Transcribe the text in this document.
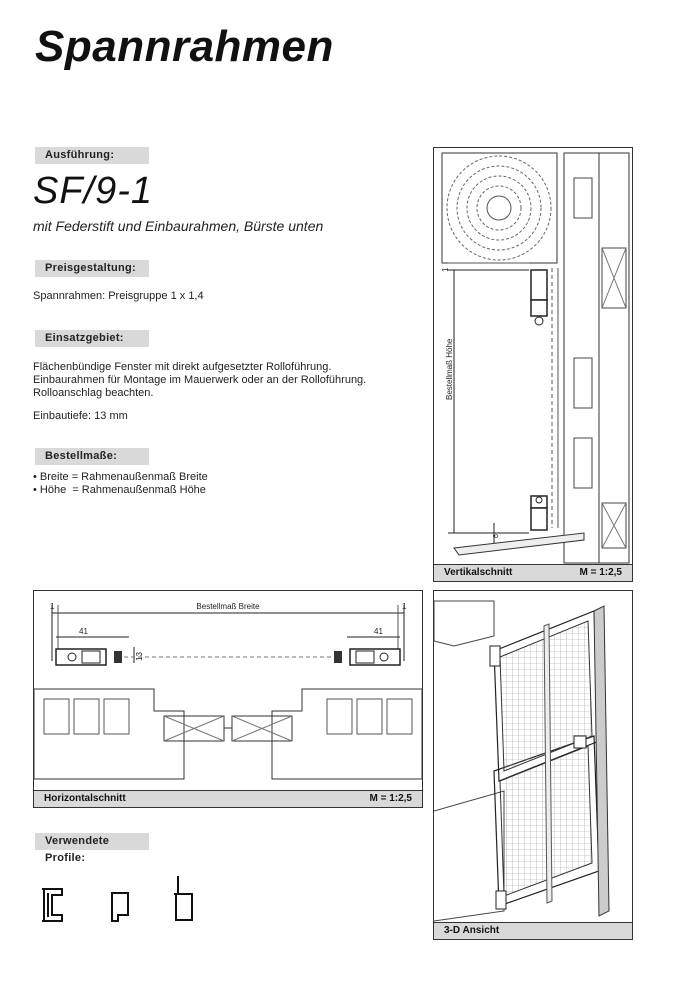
Spannrahmen
Ausführung:
SF/9-1
mit Federstift und Einbaurahmen, Bürste unten
Preisgestaltung:
Spannrahmen: Preisgruppe 1 x 1,4
Einsatzgebiet:
Flächenbündige Fenster mit direkt aufgesetzter Rolloführung.
Einbaurahmen für Montage im Mauerwerk oder an der Rolloführung.
Rolloanschlag beachten.
Einbautiefe: 13 mm
Bestellmaße:
• Breite = Rahmenaußenmaß Breite
• Höhe  = Rahmenaußenmaß Höhe
Bestellmaß Höhe
1
6
Vertikalschnitt	M = 1:2,5
Bestellmaß Breite
1	1
41	41
13
Horizontalschnitt	M = 1:2,5
3-D Ansicht
Verwendete Profile:
